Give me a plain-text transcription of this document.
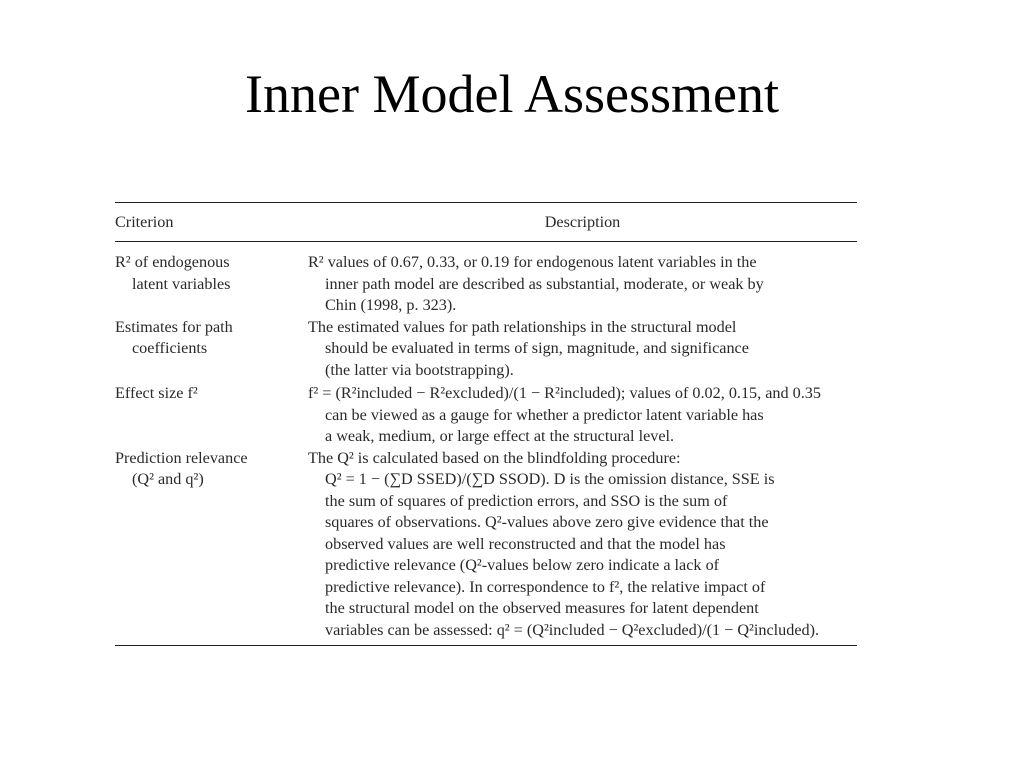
Inner Model Assessment
Criterion	Description
R² of endogenous
latent variables
R² values of 0.67, 0.33, or 0.19 for endogenous latent variables in the
inner path model are described as substantial, moderate, or weak by
Chin (1998, p. 323).
Estimates for path
coefficients
The estimated values for path relationships in the structural model
should be evaluated in terms of sign, magnitude, and significance
(the latter via bootstrapping).
Effect size f²	f² = (R²included − R²excluded)/(1 − R²included); values of 0.02, 0.15, and 0.35
can be viewed as a gauge for whether a predictor latent variable has
a weak, medium, or large effect at the structural level.
Prediction relevance
(Q² and q²)
The Q² is calculated based on the blindfolding procedure:
Q² = 1 − (∑D SSED)/(∑D SSOD). D is the omission distance, SSE is
the sum of squares of prediction errors, and SSO is the sum of
squares of observations. Q²-values above zero give evidence that the
observed values are well reconstructed and that the model has
predictive relevance (Q²-values below zero indicate a lack of
predictive relevance). In correspondence to f², the relative impact of
the structural model on the observed measures for latent dependent
variables can be assessed: q² = (Q²included − Q²excluded)/(1 − Q²included).
